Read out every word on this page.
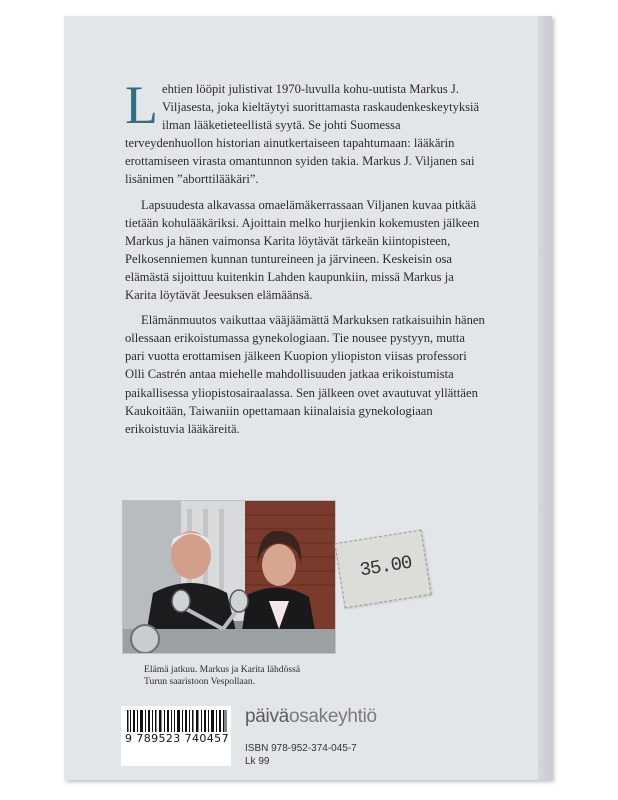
Lehtien lööpit julistivat 1970-luvulla kohu-uutista Markus J. Viljasesta, joka kieltäytyi suorittamasta raskaudenkeskeytyksiä ilman lääketieteellistä syytä. Se johti Suomessa terveydenhuollon historian ainutkertaiseen tapahtumaan: lääkärin erottamiseen virasta omantunnon syiden takia. Markus J. Viljanen sai lisänimen ”aborttilääkäri”.

Lapsuudesta alkavassa omaelämäkerrassaan Viljanen kuvaa pitkää tietään kohulääkäriksi. Ajoittain melko hurjienkin kokemusten jälkeen Markus ja hänen vaimonsa Karita löytävät tärkeän kiintopisteen, Pelkosenniemen kunnan tuntureineen ja järvineen. Keskeisin osa elämästä sijoittuu kuitenkin Lahden kaupunkiin, missä Markus ja Karita löytävät Jeesuksen elämäänsä.

Elämänmuutos vaikuttaa vääjäämättä Markuksen ratkaisuihin hänen ollessaan erikoistumassa gynekologiaan. Tie nousee pystyyn, mutta pari vuotta erottamisen jälkeen Kuopion yliopiston viisas professori Olli Castrén antaa miehelle mahdollisuuden jatkaa erikoistumista paikallisessa yliopistosairaalassa. Sen jälkeen ovet avautuvat yllättäen Kaukoitään, Taiwaniin opettamaan kiinalaisia gynekologiaan erikoistuvia lääkäreitä.

Elämä jatkuu. Markus ja Karita lähdössä
Turun saaristoon Vespollaan.
35.00
9 789523 740457
päiväosakeyhtiö
ISBN 978-952-374-045-7
Lk 99
